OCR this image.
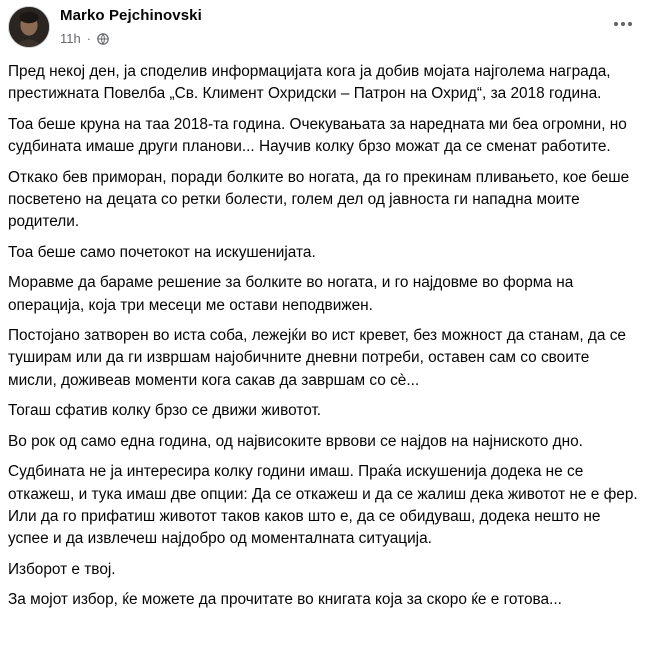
Marko Pejchinovski
11h ·

Пред некој ден, ја споделив информацијата кога ја добив мојата најголема награда, престижната Повелба „Св. Климент Охридски – Патрон на Охрид“, за 2018 година.

Тоа беше круна на таа 2018-та година. Очекувањата за наредната ми беа огромни, но судбината имаше други планови... Научив колку брзо можат да се сменат работите.

Откако бев приморан, поради болките во ногата, да го прекинам пливањето, кое беше посветено на децата со ретки болести, голем дел од јавноста ги нападна моите родители.

Тоа беше само почетокот на искушенијата.

Моравме да бараме решение за болките во ногата, и го најдовме во форма на операција, која три месеци ме остави неподвижен.

Постојано затворен во иста соба, лежејќи во ист кревет, без можност да станам, да се туширам или да ги извршам најобичните дневни потреби, оставен сам со своите мисли, доживеав моменти кога сакав да завршам со сè...

Тогаш сфатив колку брзо се движи животот.

Во рок од само една година, од највисоките врвови се најдов на најниското дно.

Судбината не ја интересира колку години имаш. Праќа искушенија додека не се откажеш, и тука имаш две опции: Да се откажеш и да се жалиш дека животот не е фер. Или да го прифатиш животот таков каков што е, да се обидуваш, додека нешто не успее и да извлечеш најдобро од моменталната ситуација.

Изборот е твој.

За мојот избор, ќе можете да прочитате во книгата која за скоро ќе е готова...
